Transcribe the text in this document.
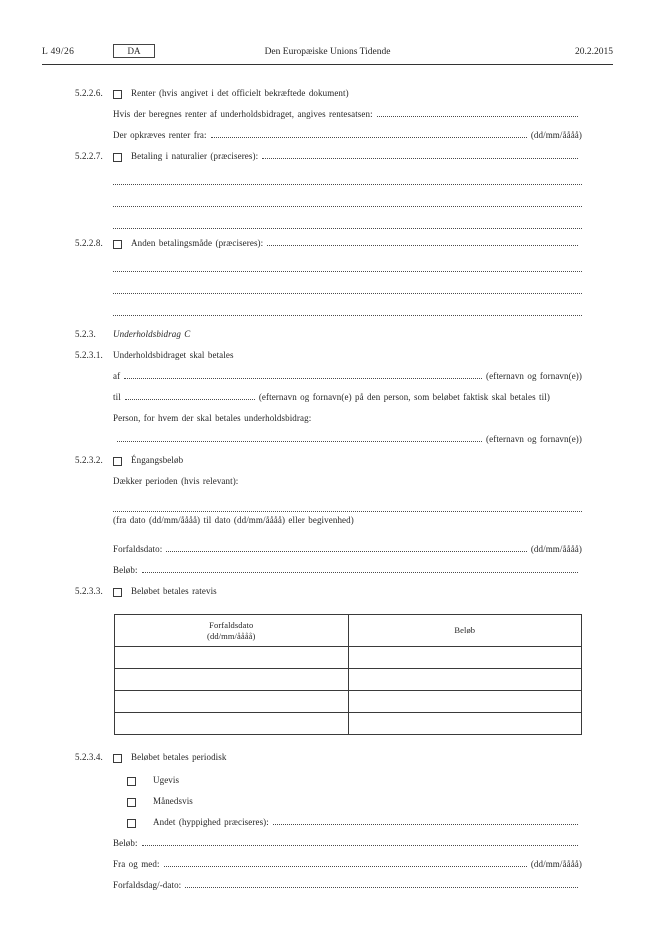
L 49/26	DA	Den Europæiske Unions Tidende	20.2.2015
5.2.2.6.	Renter (hvis angivet i det officielt bekræftede dokument)
Hvis der beregnes renter af underholdsbidraget, angives rentesatsen:
Der opkræves renter fra:	(dd/mm/åååå)
5.2.2.7.	Betaling i naturalier (præciseres):
5.2.2.8.	Anden betalingsmåde (præciseres):
5.2.3.	Underholdsbidrag C
5.2.3.1.	Underholdsbidraget skal betales
af	(efternavn og fornavn(e))
til	(efternavn og fornavn(e) på den person, som beløbet faktisk skal betales til)
Person, for hvem der skal betales underholdsbidrag:
(efternavn og fornavn(e))
5.2.3.2.	Éngangsbeløb
Dækker perioden (hvis relevant):
(fra dato (dd/mm/åååå) til dato (dd/mm/åååå) eller begivenhed)
Forfaldsdato:	(dd/mm/åååå)
Beløb:
5.2.3.3.	Beløbet betales ratevis
Forfaldsdato
(dd/mm/åååå)	Beløb

5.2.3.4.	Beløbet betales periodisk
Ugevis
Månedsvis
Andet (hyppighed præciseres):
Beløb:
Fra og med:	(dd/mm/åååå)
Forfaldsdag/-dato:
